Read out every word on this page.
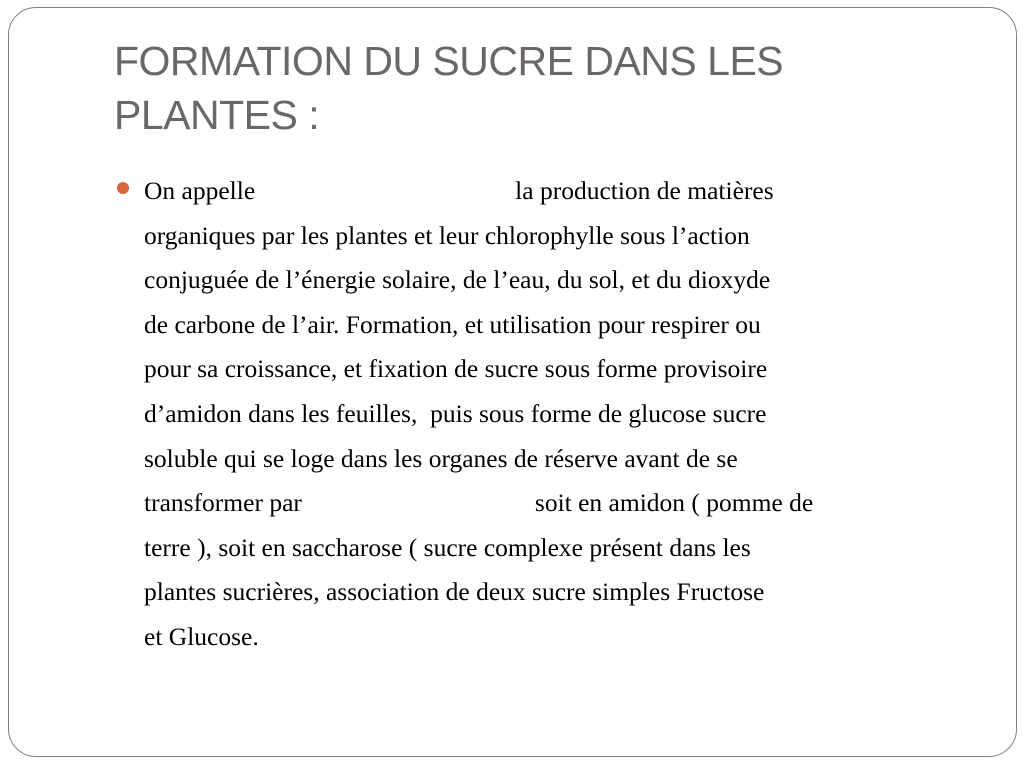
FORMATION DU SUCRE DANS LES
PLANTES :
On appelle	la production de matières
organiques par les plantes et leur chlorophylle sous l’action
conjuguée de l’énergie solaire, de l’eau, du sol, et du dioxyde
de carbone de l’air. Formation, et utilisation pour respirer ou
pour sa croissance, et fixation de sucre sous forme provisoire
d’amidon dans les feuilles,  puis sous forme de glucose sucre
soluble qui se loge dans les organes de réserve avant de se
transformer par	soit en amidon ( pomme de
terre ), soit en saccharose ( sucre complexe présent dans les
plantes sucrières, association de deux sucre simples Fructose
et Glucose.
